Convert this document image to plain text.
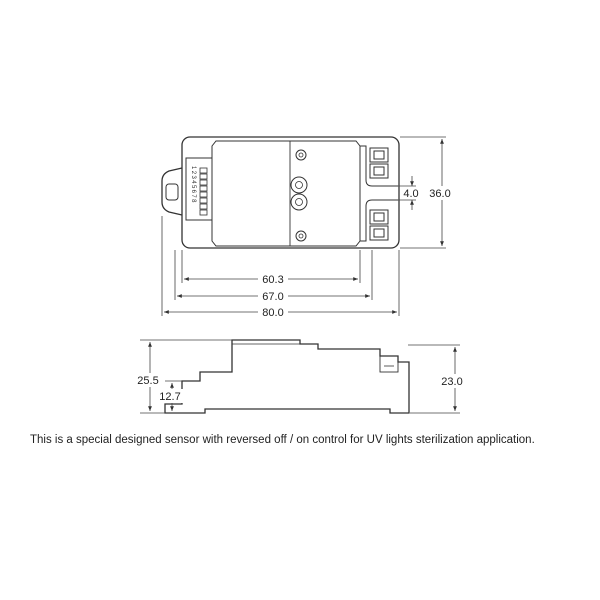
12345678
60.3
67.0
80.0
36.0
4.0
25.5
12.7
23.0
This is a special designed sensor with reversed off / on control for UV lights sterilization application.
